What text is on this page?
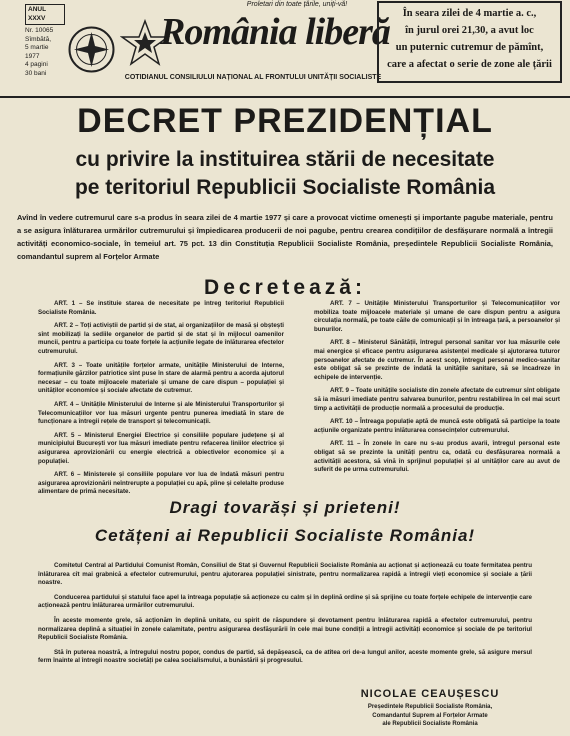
ANUL XXXV
Nr. 10065
Sîmbătă,
5 martie
1977
4 pagini
30 bani
Proletari din toate țările, uniți-vă!
România liberă
COTIDIANUL CONSILIULUI NAȚIONAL AL FRONTULUI UNITĂȚII SOCIALISTE
În seara zilei de 4 martie a. c.,
în jurul orei 21,30, a avut loc
un puternic cutremur de pămînt,
care a afectat o serie de zone ale țării
DECRET PREZIDENȚIAL
cu privire la instituirea stării de necesitate
pe teritoriul Republicii Socialiste România
Avînd în vedere cutremurul care s-a produs în seara zilei de 4 martie 1977 și care a provocat victime omenești și importante pagube materiale, pentru a se asigura înlăturarea urmărilor cutremurului și împiedicarea producerii de noi pagube, pentru crearea condițiilor de desfășurare normală a întregii activități economico-sociale, în temeiul art. 75 pct. 13 din Constituția Republicii Socialiste România, președintele Republicii Socialiste România, comandantul suprem al Forțelor Armate
Decretează:

ART. 1 – Se instituie starea de necesitate pe întreg teritoriul Republicii Socialiste România.

ART. 2 – Toți activiștii de partid și de stat, ai organizațiilor de masă și obștești sînt mobilizați la sediile organelor de partid și de stat și în mijlocul oamenilor muncii, pentru a participa cu toate forțele la acțiunile legate de înlăturarea efectelor cutremurului.

ART. 3 – Toate unitățile forțelor armate, unitățile Ministerului de Interne, formațiunile gărzilor patriotice sînt puse în stare de alarmă pentru a acorda ajutorul necesar – cu toate mijloacele materiale și umane de care dispun – populației și unităților economice și sociale afectate de cutremur.

ART. 4 – Unitățile Ministerului de Interne și ale Ministerului Transporturilor și Telecomunicațiilor vor lua măsuri urgente pentru punerea imediată în stare de funcționare a întregii rețele de transport și telecomunicații.

ART. 5 – Ministerul Energiei Electrice și consiliile populare județene și al municipiului București vor lua măsuri imediate pentru refacerea liniilor electrice și asigurarea aprovizionării cu energie electrică a obiectivelor economice și a populației.

ART. 6 – Ministerele și consiliile populare vor lua de îndată măsuri pentru asigurarea aprovizionării neîntrerupte a populației cu apă, pîine și celelalte produse alimentare de primă necesitate.

ART. 7 – Unitățile Ministerului Transporturilor și Telecomunicațiilor vor mobiliza toate mijloacele materiale și umane de care dispun pentru a asigura circulația normală, pe toate căile de comunicații și în întreaga țară, a persoanelor și bunurilor.

ART. 8 – Ministerul Sănătății, întregul personal sanitar vor lua măsurile cele mai energice și eficace pentru asigurarea asistenței medicale și ajutorarea tuturor persoanelor afectate de cutremur. În acest scop, întregul personal medico-sanitar este obligat să se prezinte de îndată la unitățile sanitare, să se încadreze în echipele de intervenție.

ART. 9 – Toate unitățile socialiste din zonele afectate de cutremur sînt obligate să ia măsuri imediate pentru salvarea bunurilor, pentru restabilirea în cel mai scurt timp a activității de producție normală a procesului de producție.

ART. 10 – Întreaga populație aptă de muncă este obligată să participe la toate acțiunile organizate pentru înlăturarea consecințelor cutremurului.

ART. 11 – În zonele în care nu s-au produs avarii, întregul personal este obligat să se prezinte la unități pentru ca, odată cu desfășurarea normală a activității acestora, să vină în sprijinul populației și al unităților care au avut de suferit de pe urma cutremurului.

Dragi tovarăși și prieteni!
Cetățeni ai Republicii Socialiste România!

Comitetul Central al Partidului Comunist Român, Consiliul de Stat și Guvernul Republicii Socialiste România au acționat și acționează cu toate fermitatea pentru înlăturarea cît mai grabnică a efectelor cutremurului, pentru ajutorarea populației sinistrate, pentru normalizarea rapidă a întregii vieți economice și sociale a țării noastre.

Conducerea partidului și statului face apel la întreaga populație să acționeze cu calm și în deplină ordine și să sprijine cu toate forțele echipele de intervenție care acționează pentru înlăturarea urmărilor cutremurului.

În aceste momente grele, să acționăm în deplină unitate, cu spirit de răspundere și devotament pentru înlăturarea rapidă a efectelor cutremurului, pentru normalizarea deplină a situației în zonele calamitate, pentru asigurarea desfășurării în cele mai bune condiții a întregii activități economice și sociale de pe teritoriul Republicii Socialiste România.

Stă în puterea noastră, a întregului nostru popor, condus de partid, să depășească, ca de atîtea ori de-a lungul anilor, aceste momente grele, să asigure mersul ferm înainte al întregii noastre societăți pe calea socialismului, a bunăstării și progresului.

NICOLAE CEAUȘESCU
Președintele Republicii Socialiste România,
Comandantul Suprem al Forțelor Armate
ale Republicii Socialiste România
